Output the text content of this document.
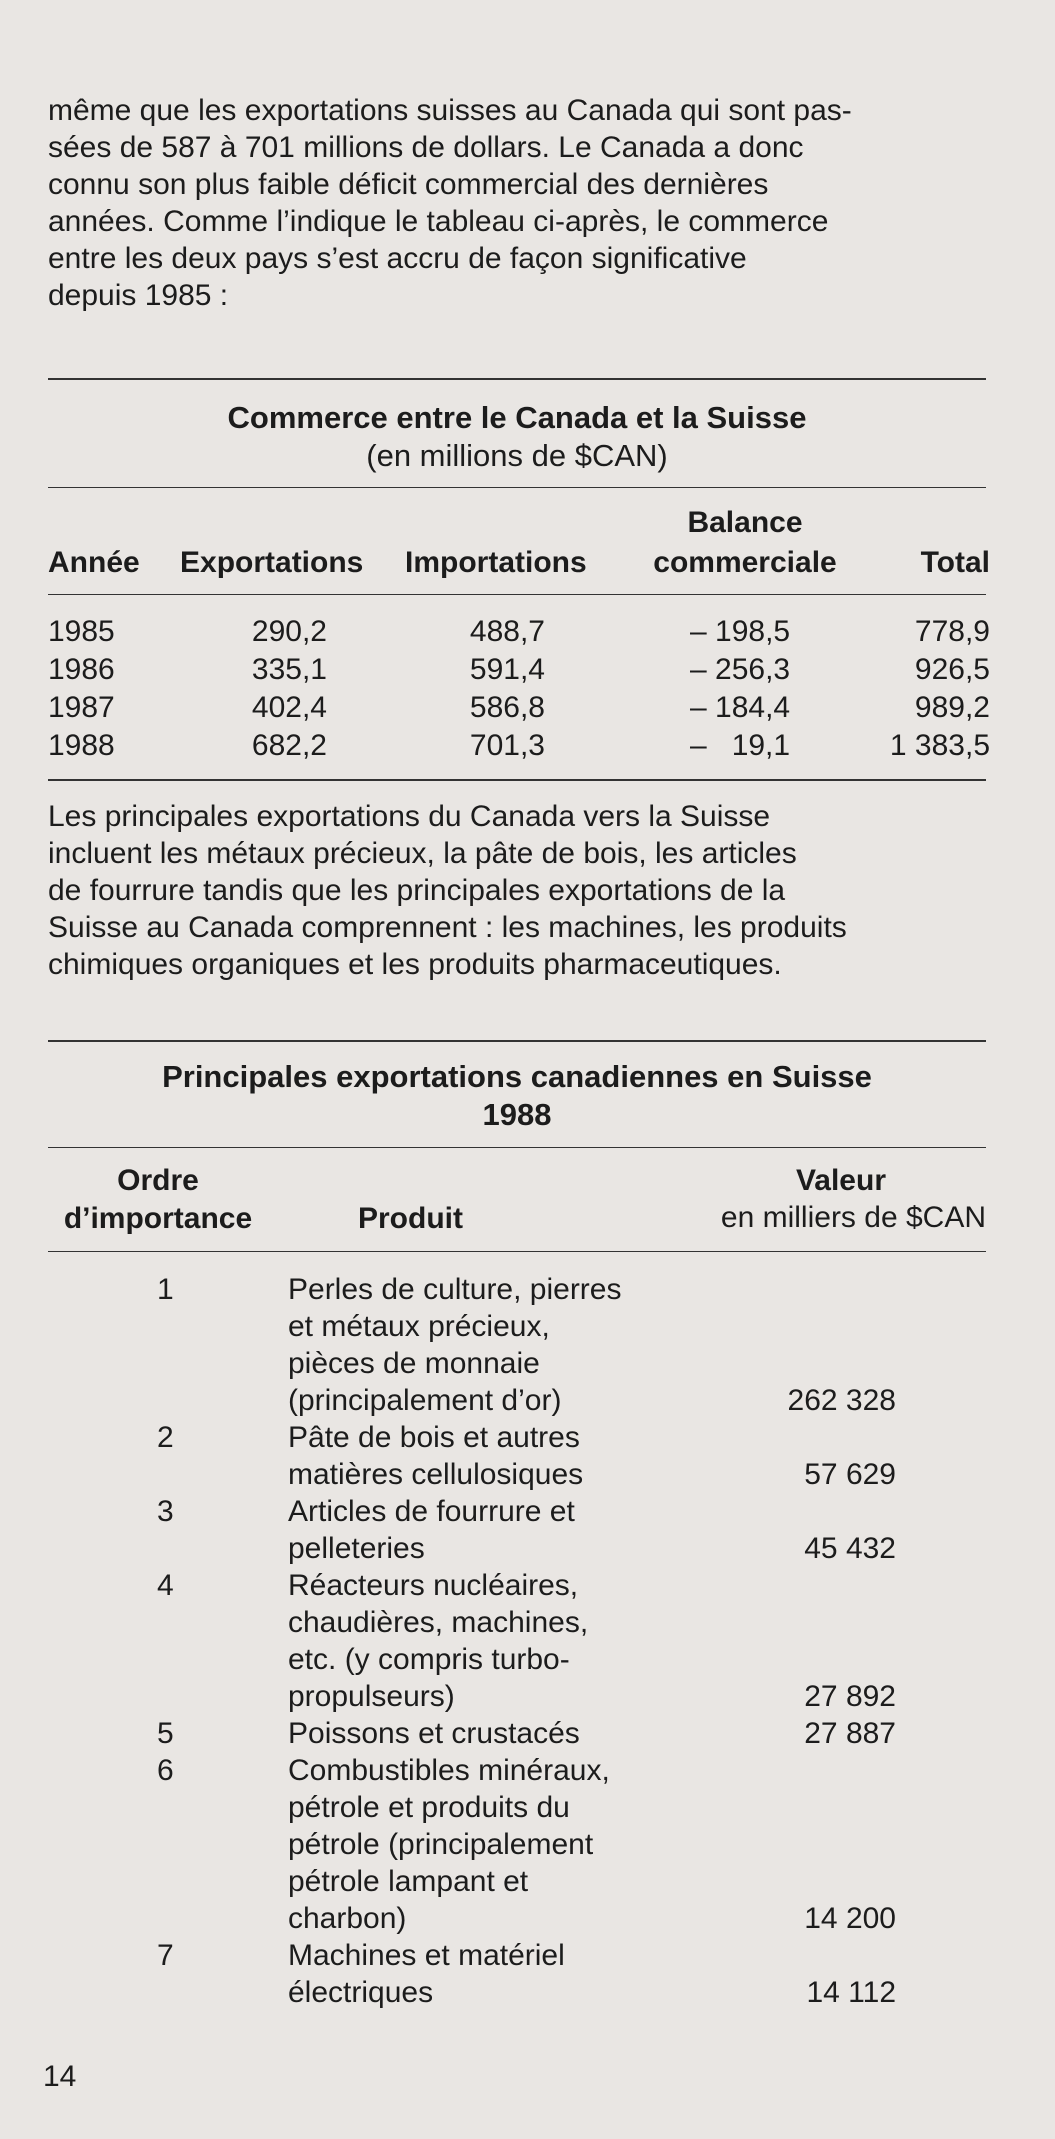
même que les exportations suisses au Canada qui sont pas-
sées de 587 à 701 millions de dollars. Le Canada a donc
connu son plus faible déficit commercial des dernières
années. Comme l’indique le tableau ci-après, le commerce
entre les deux pays s’est accru de façon significative
depuis 1985 :

Commerce entre le Canada et la Suisse
(en millions de $CAN)
Année Exportations Importations
Balance
commerciale	Total
1985	290,2	488,7	– 198,5	778,9
1986	335,1	591,4	– 256,3	926,5
1987	402,4	586,8	– 184,4	989,2
1988	682,2	701,3	–   19,1	1 383,5

Les principales exportations du Canada vers la Suisse
incluent les métaux précieux, la pâte de bois, les articles
de fourrure tandis que les principales exportations de la
Suisse au Canada comprennent : les machines, les produits
chimiques organiques et les produits pharmaceutiques.

Principales exportations canadiennes en Suisse
1988
Ordre
d’importance	Produit
Valeur
en milliers de $CAN
1	Perles de culture, pierres
et métaux précieux,
pièces de monnaie
(principalement d’or)	262 328
2	Pâte de bois et autres
matières cellulosiques	57 629
3	Articles de fourrure et
pelleteries	45 432
4	Réacteurs nucléaires,
chaudières, machines,
etc. (y compris turbo-
propulseurs)	27 892
5	Poissons et crustacés	27 887
6	Combustibles minéraux,
pétrole et produits du
pétrole (principalement
pétrole lampant et
charbon)	14 200
7	Machines et matériel
électriques	14 112
14
